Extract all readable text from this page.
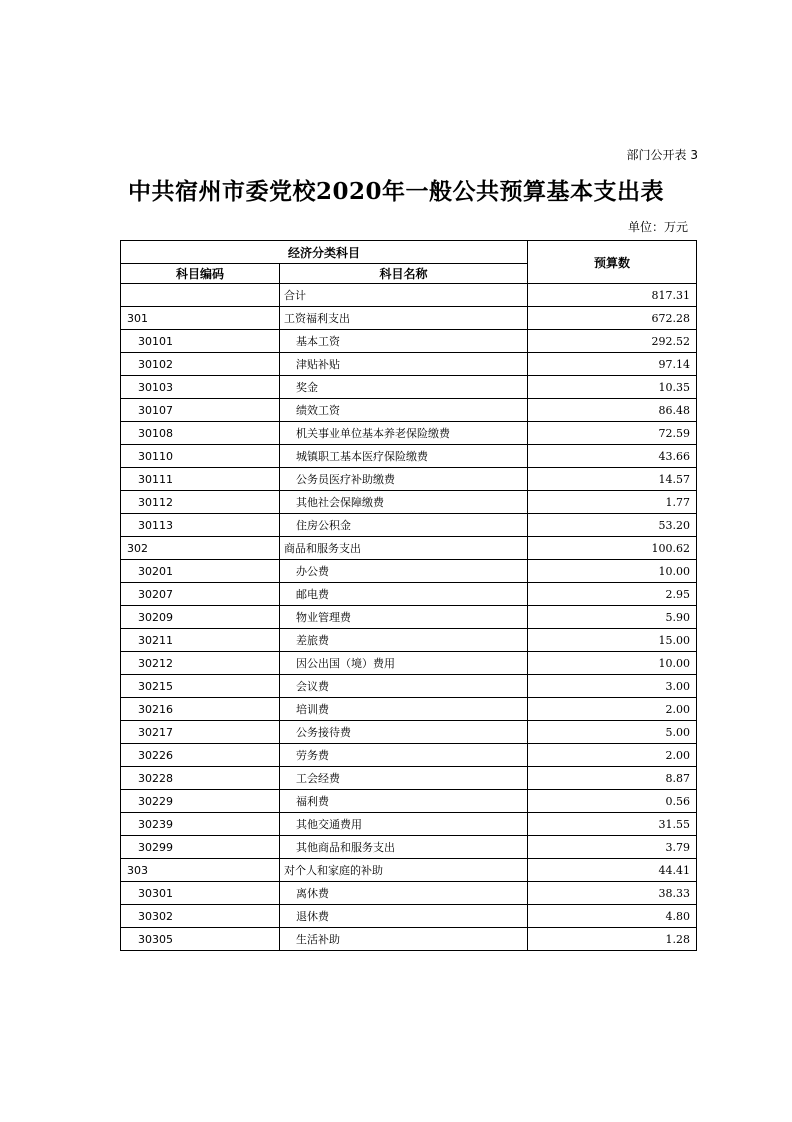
部门公开表 3
中共宿州市委党校2020年一般公共预算基本支出表
单位：万元
经济分类科目		预算数
科目编码	科目名称	
	合计	817.31
301	工资福利支出	672.28
30101	基本工资	292.52
30102	津贴补贴	97.14
30103	奖金	10.35
30107	绩效工资	86.48
30108	机关事业单位基本养老保险缴费	72.59
30110	城镇职工基本医疗保险缴费	43.66
30111	公务员医疗补助缴费	14.57
30112	其他社会保障缴费	1.77
30113	住房公积金	53.20
302	商品和服务支出	100.62
30201	办公费	10.00
30207	邮电费	2.95
30209	物业管理费	5.90
30211	差旅费	15.00
30212	因公出国（境）费用	10.00
30215	会议费	3.00
30216	培训费	2.00
30217	公务接待费	5.00
30226	劳务费	2.00
30228	工会经费	8.87
30229	福利费	0.56
30239	其他交通费用	31.55
30299	其他商品和服务支出	3.79
303	对个人和家庭的补助	44.41
30301	离休费	38.33
30302	退休费	4.80
30305	生活补助	1.28
